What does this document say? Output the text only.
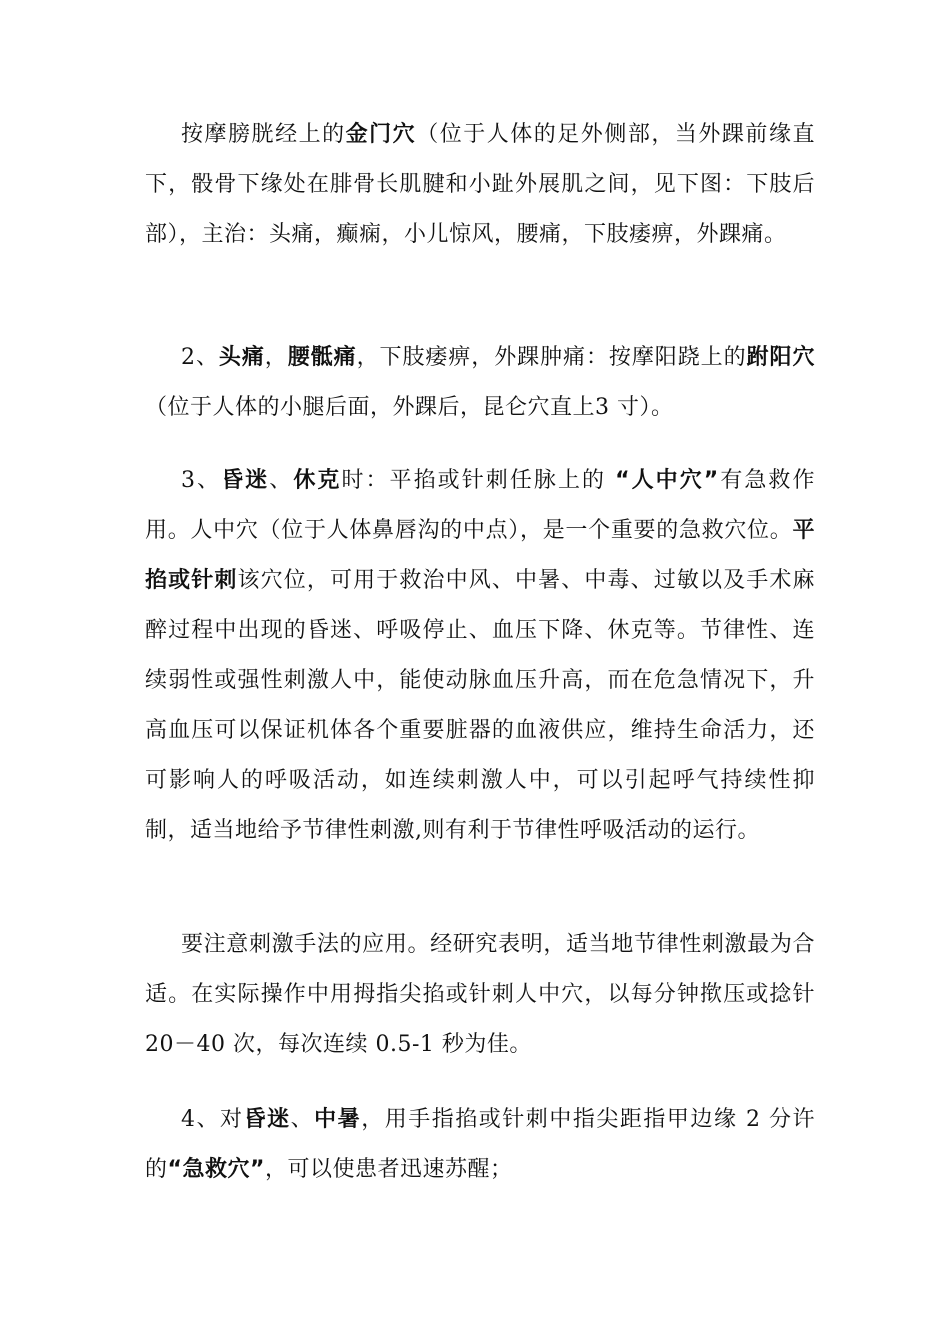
按摩膀胱经上的金门穴（位于人体的足外侧部，当外踝前缘直下，骰骨下缘处在腓骨长肌腱和小趾外展肌之间，见下图：下肢后部），主治：头痛，癫痫，小儿惊风，腰痛，下肢痿痹，外踝痛。

2、头痛，腰骶痛，下肢痿痹，外踝肿痛：按摩阳跷上的跗阳穴（位于人体的小腿后面，外踝后，昆仑穴直上3 寸）。

3、昏迷、休克时：平掐或针刺任脉上的 “人中穴”有急救作用。人中穴（位于人体鼻唇沟的中点），是一个重要的急救穴位。平掐或针刺该穴位，可用于救治中风、中暑、中毒、过敏以及手术麻醉过程中出现的昏迷、呼吸停止、血压下降、休克等。节律性、连续弱性或强性刺激人中，能使动脉血压升高，而在危急情况下，升高血压可以保证机体各个重要脏器的血液供应，维持生命活力，还可影响人的呼吸活动，如连续刺激人中，可以引起呼气持续性抑制，适当地给予节律性刺激,则有利于节律性呼吸活动的运行。

要注意刺激手法的应用。经研究表明，适当地节律性刺激最为合适。在实际操作中用拇指尖掐或针刺人中穴，以每分钟揿压或捻针 20－40 次，每次连续 0.5-1 秒为佳。

4、对昏迷、中暑，用手指掐或针刺中指尖距指甲边缘 2 分许的“急救穴”，可以使患者迅速苏醒；
